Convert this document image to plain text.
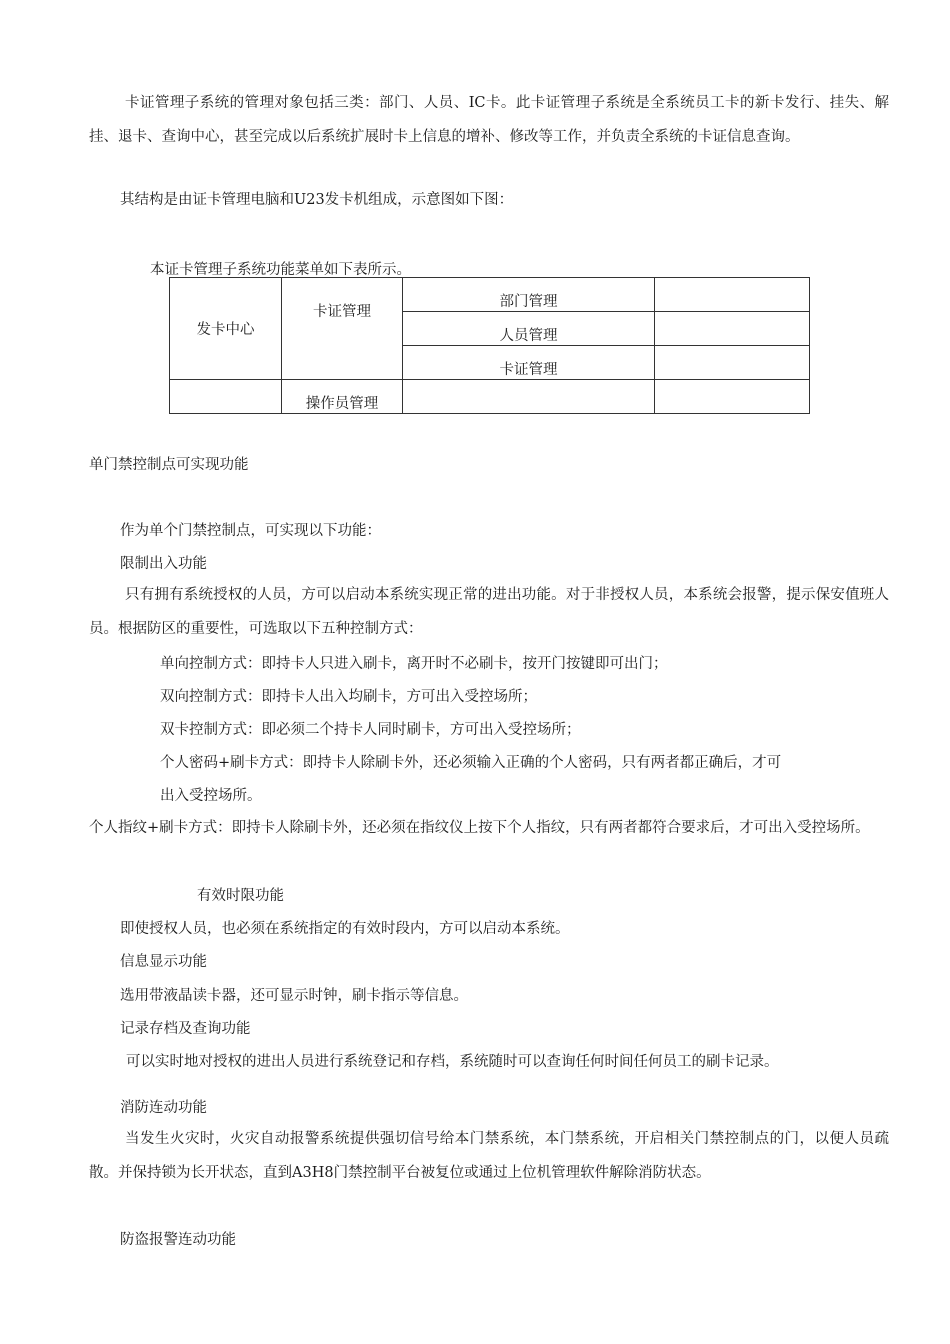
卡证管理子系统的管理对象包括三类：部门、人员、IC卡。此卡证管理子系统是全系统员工卡的新卡发行、挂失、解挂、退卡、查询中心，甚至完成以后系统扩展时卡上信息的增补、修改等工作，并负责全系统的卡证信息查询。
其结构是由证卡管理电脑和U23发卡机组成，示意图如下图：
本证卡管理子系统功能菜单如下表所示。
发卡中心	卡证管理	部门管理	
		人员管理	
		卡证管理	
	操作员管理		
单门禁控制点可实现功能
作为单个门禁控制点，可实现以下功能：
限制出入功能
只有拥有系统授权的人员，方可以启动本系统实现正常的进出功能。对于非授权人员，本系统会报警，提示保安值班人员。根据防区的重要性，可选取以下五种控制方式：
单向控制方式：即持卡人只进入刷卡，离开时不必刷卡，按开门按键即可出门；
双向控制方式：即持卡人出入均刷卡，方可出入受控场所；
双卡控制方式：即必须二个持卡人同时刷卡，方可出入受控场所；
个人密码+刷卡方式：即持卡人除刷卡外，还必须输入正确的个人密码，只有两者都正确后，才可
出入受控场所。
个人指纹+刷卡方式：即持卡人除刷卡外，还必须在指纹仪上按下个人指纹，只有两者都符合要求后，才可出入受控场所。
有效时限功能
即使授权人员，也必须在系统指定的有效时段内，方可以启动本系统。
信息显示功能
选用带液晶读卡器，还可显示时钟，刷卡指示等信息。
记录存档及查询功能
可以实时地对授权的进出人员进行系统登记和存档，系统随时可以查询任何时间任何员工的刷卡记录。
消防连动功能
当发生火灾时，火灾自动报警系统提供强切信号给本门禁系统，本门禁系统，开启相关门禁控制点的门，以便人员疏散。并保持锁为长开状态，直到A3H8门禁控制平台被复位或通过上位机管理软件解除消防状态。
防盗报警连动功能
